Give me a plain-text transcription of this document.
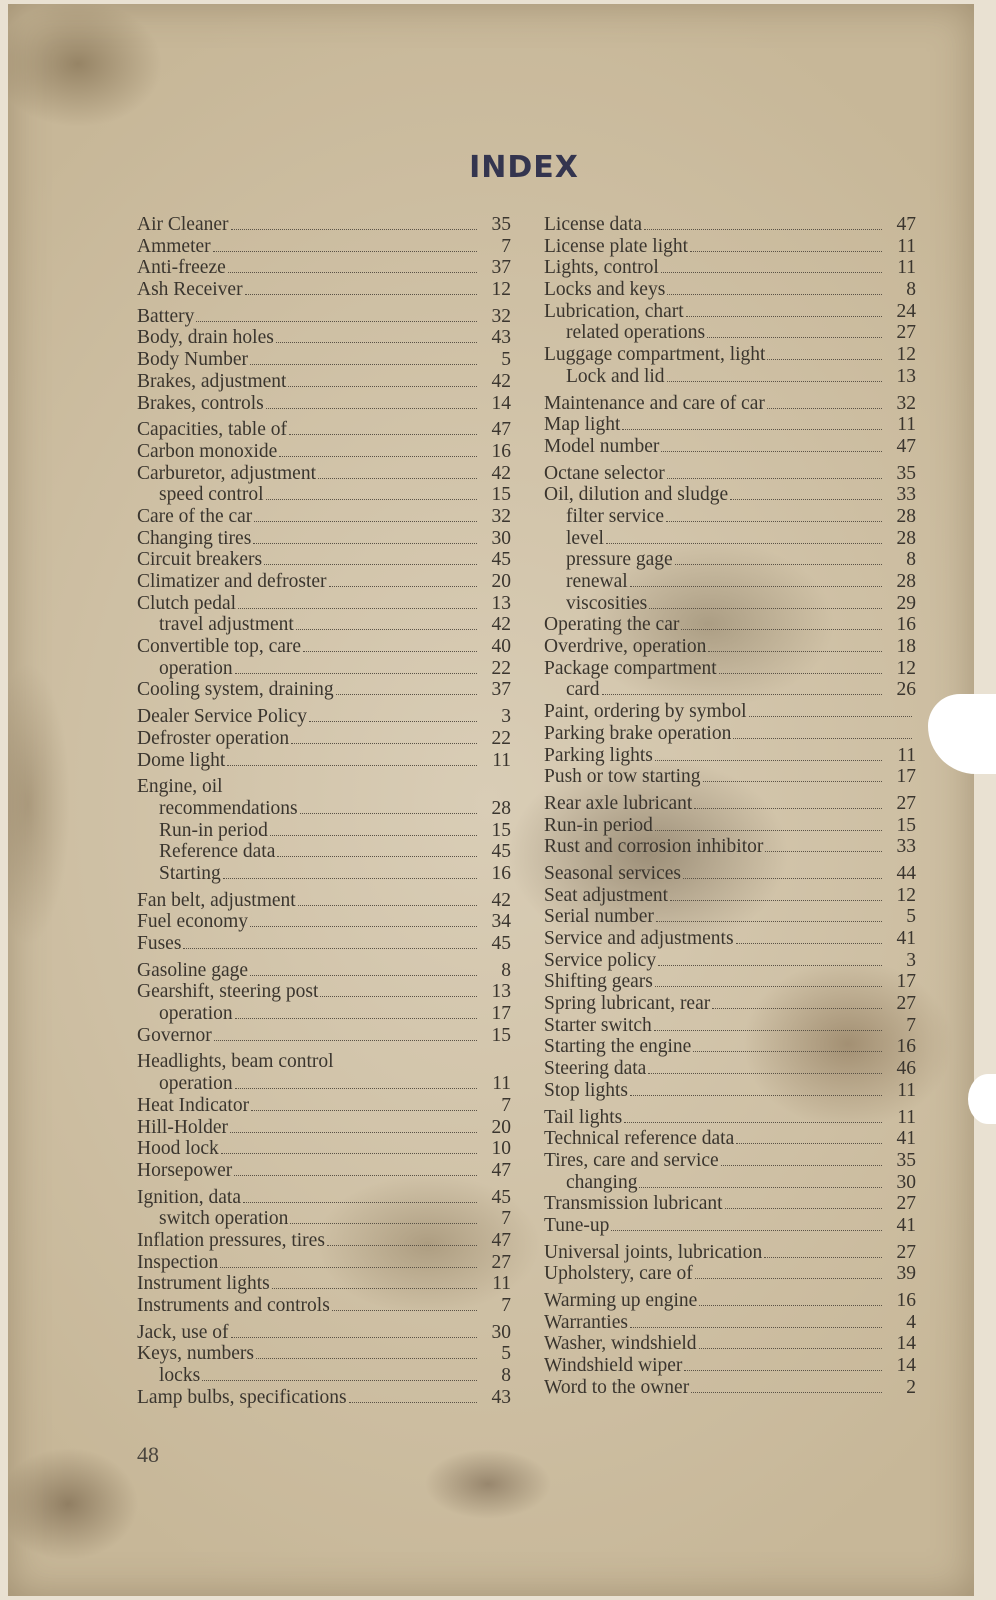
INDEX
Air Cleaner	35
Ammeter	7
Anti-freeze	37
Ash Receiver	12
Battery	32
Body, drain holes	43
Body Number	5
Brakes, adjustment	42
Brakes, controls	14
Capacities, table of	47
Carbon monoxide	16
Carburetor, adjustment	42
speed control	15
Care of the car	32
Changing tires	30
Circuit breakers	45
Climatizer and defroster	20
Clutch pedal	13
travel adjustment	42
Convertible top, care	40
operation	22
Cooling system, draining	37
Dealer Service Policy	3
Defroster operation	22
Dome light	11
Engine, oil
recommendations	28
Run-in period	15
Reference data	45
Starting	16
Fan belt, adjustment	42
Fuel economy	34
Fuses	45
Gasoline gage	8
Gearshift, steering post	13
operation	17
Governor	15
Headlights, beam control
operation	11
Heat Indicator	7
Hill-Holder	20
Hood lock	10
Horsepower	47
Ignition, data	45
switch operation	7
Inflation pressures, tires	47
Inspection	27
Instrument lights	11
Instruments and controls	7
Jack, use of	30
Keys, numbers	5
locks	8
Lamp bulbs, specifications	43
License data	47
License plate light	11
Lights, control	11
Locks and keys	8
Lubrication, chart	24
related operations	27
Luggage compartment, light	12
Lock and lid	13
Maintenance and care of car	32
Map light	11
Model number	47
Octane selector	35
Oil, dilution and sludge	33
filter service	28
level	28
pressure gage	8
renewal	28
viscosities	29
Operating the car	16
Overdrive, operation	18
Package compartment	12
card	26
Paint, ordering by symbol
Parking brake operation
Parking lights	11
Push or tow starting	17
Rear axle lubricant	27
Run-in period	15
Rust and corrosion inhibitor	33
Seasonal services	44
Seat adjustment	12
Serial number	5
Service and adjustments	41
Service policy	3
Shifting gears	17
Spring lubricant, rear	27
Starter switch	7
Starting the engine	16
Steering data	46
Stop lights	11
Tail lights	11
Technical reference data	41
Tires, care and service	35
changing	30
Transmission lubricant	27
Tune-up	41
Universal joints, lubrication	27
Upholstery, care of	39
Warming up engine	16
Warranties	4
Washer, windshield	14
Windshield wiper	14
Word to the owner	2
48
